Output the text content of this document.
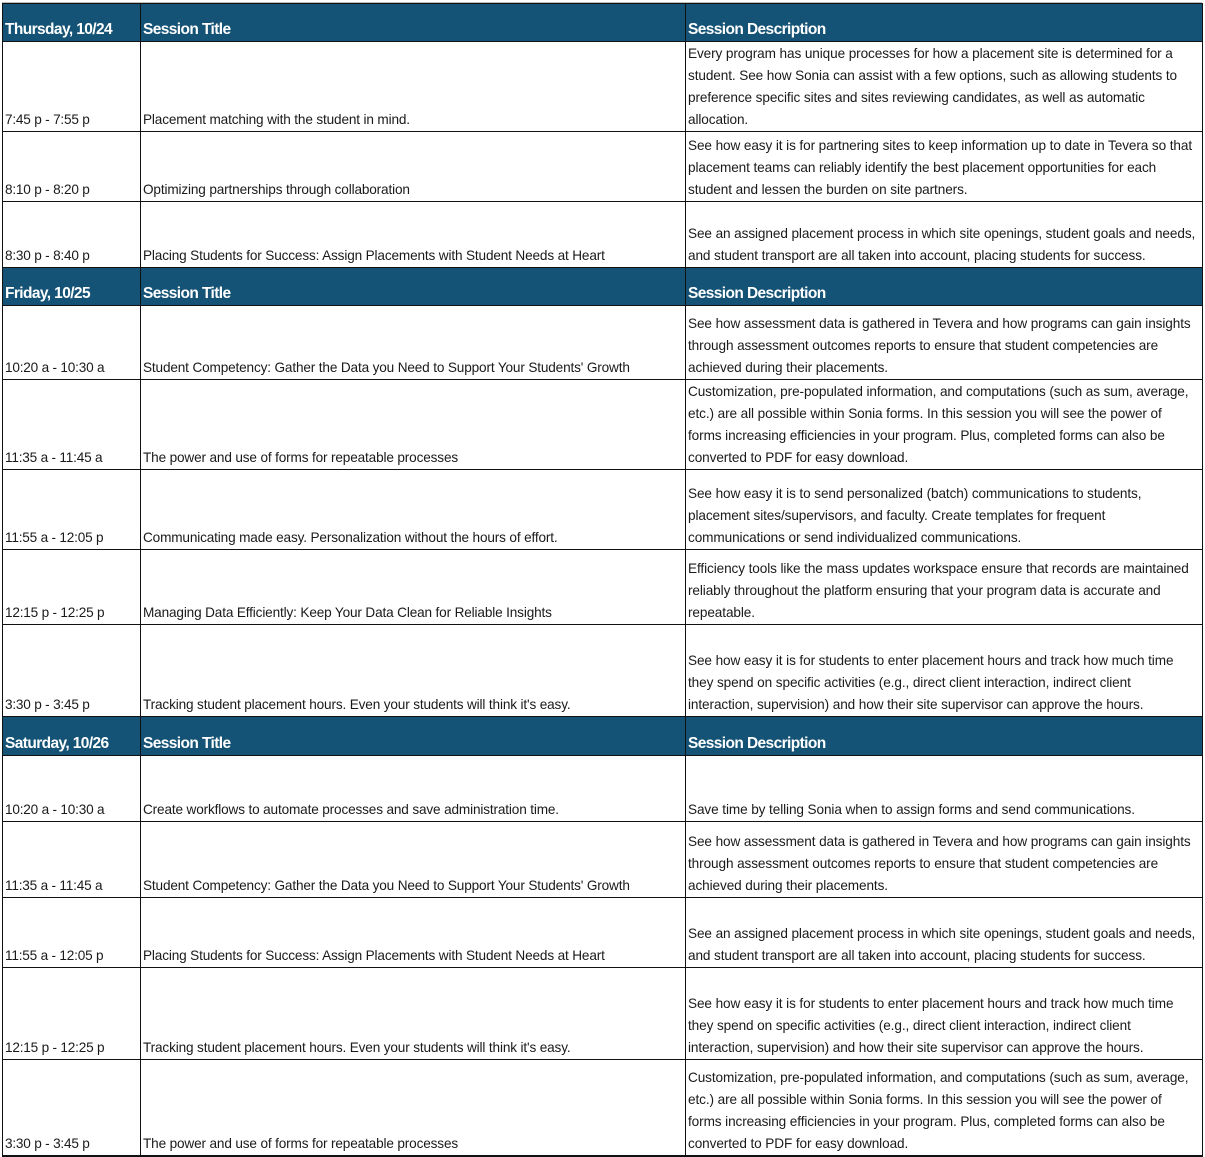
Thursday, 10/24	Session Title	Session Description
7:45 p - 7:55 p	Placement matching with the student in mind.	Every program has unique processes for how a placement site is determined for a student. See how Sonia can assist with a few options, such as allowing students to preference specific sites and sites reviewing candidates, as well as automatic allocation.
8:10 p - 8:20 p	Optimizing partnerships through collaboration	See how easy it is for partnering sites to keep information up to date in Tevera so that placement teams can reliably identify the best placement opportunities for each student and lessen the burden on site partners.
8:30 p - 8:40 p	Placing Students for Success: Assign Placements with Student Needs at Heart	See an assigned placement process in which site openings, student goals and needs, and student transport are all taken into account, placing students for success.
Friday, 10/25	Session Title	Session Description
10:20 a - 10:30 a	Student Competency: Gather the Data you Need to Support Your Students' Growth	See how assessment data is gathered in Tevera and how programs can gain insights through assessment outcomes reports to ensure that student competencies are achieved during their placements.
11:35 a - 11:45 a	The power and use of forms for repeatable processes	Customization, pre-populated information, and computations (such as sum, average, etc.) are all possible within Sonia forms. In this session you will see the power of forms increasing efficiencies in your program. Plus, completed forms can also be converted to PDF for easy download.
11:55 a - 12:05 p	Communicating made easy. Personalization without the hours of effort.	See how easy it is to send personalized (batch) communications to students, placement sites/supervisors, and faculty. Create templates for frequent communications or send individualized communications.
12:15 p - 12:25 p	Managing Data Efficiently: Keep Your Data Clean for Reliable Insights	Efficiency tools like the mass updates workspace ensure that records are maintained reliably throughout the platform ensuring that your program data is accurate and repeatable.
3:30 p - 3:45 p	Tracking student placement hours. Even your students will think it's easy.	See how easy it is for students to enter placement hours and track how much time they spend on specific activities (e.g., direct client interaction, indirect client interaction, supervision) and how their site supervisor can approve the hours.
Saturday, 10/26	Session Title	Session Description
10:20 a - 10:30 a	Create workflows to automate processes and save administration time.	Save time by telling Sonia when to assign forms and send communications.
11:35 a - 11:45 a	Student Competency: Gather the Data you Need to Support Your Students' Growth	See how assessment data is gathered in Tevera and how programs can gain insights through assessment outcomes reports to ensure that student competencies are achieved during their placements.
11:55 a - 12:05 p	Placing Students for Success: Assign Placements with Student Needs at Heart	See an assigned placement process in which site openings, student goals and needs, and student transport are all taken into account, placing students for success.
12:15 p - 12:25 p	Tracking student placement hours. Even your students will think it's easy.	See how easy it is for students to enter placement hours and track how much time they spend on specific activities (e.g., direct client interaction, indirect client interaction, supervision) and how their site supervisor can approve the hours.
3:30 p - 3:45 p	The power and use of forms for repeatable processes	Customization, pre-populated information, and computations (such as sum, average, etc.) are all possible within Sonia forms. In this session you will see the power of forms increasing efficiencies in your program. Plus, completed forms can also be converted to PDF for easy download.
